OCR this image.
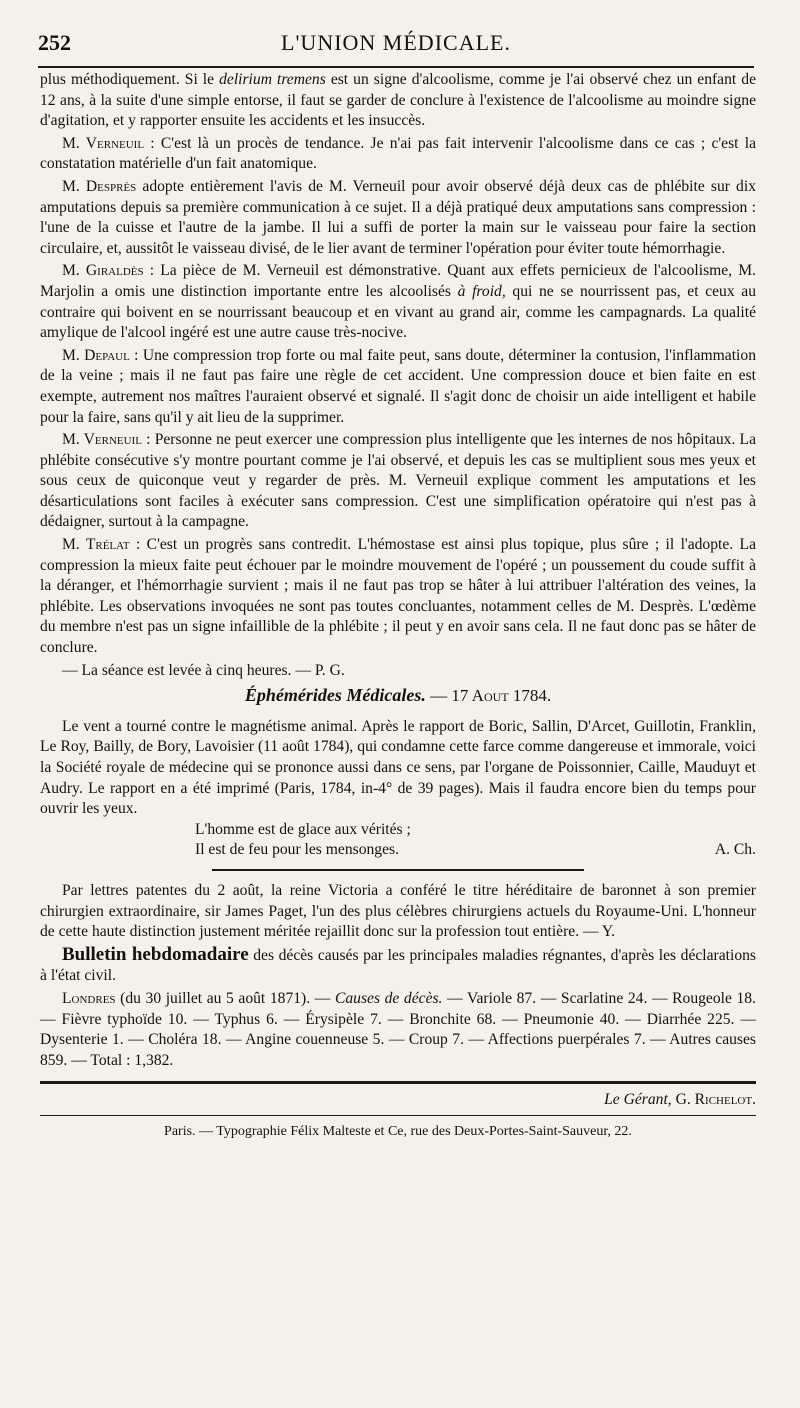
252	L'UNION MÉDICALE.

plus méthodiquement. Si le delirium tremens est un signe d'alcoolisme, comme je l'ai observé chez un enfant de 12 ans, à la suite d'une simple entorse, il faut se garder de conclure à l'existence de l'alcoolisme au moindre signe d'agitation, et y rapporter ensuite les accidents et les insuccès.

M. Verneuil : C'est là un procès de tendance. Je n'ai pas fait intervenir l'alcoolisme dans ce cas ; c'est la constatation matérielle d'un fait anatomique.

M. Desprès adopte entièrement l'avis de M. Verneuil pour avoir observé déjà deux cas de phlébite sur dix amputations depuis sa première communication à ce sujet. Il a déjà pratiqué deux amputations sans compression : l'une de la cuisse et l'autre de la jambe. Il lui a suffi de porter la main sur le vaisseau pour faire la section circulaire, et, aussitôt le vaisseau divisé, de le lier avant de terminer l'opération pour éviter toute hémorrhagie.

M. Giraldès : La pièce de M. Verneuil est démonstrative. Quant aux effets pernicieux de l'alcoolisme, M. Marjolin a omis une distinction importante entre les alcoolisés à froid, qui ne se nourrissent pas, et ceux au contraire qui boivent en se nourrissant beaucoup et en vivant au grand air, comme les campagnards. La qualité amylique de l'alcool ingéré est une autre cause très-nocive.

M. Depaul : Une compression trop forte ou mal faite peut, sans doute, déterminer la contusion, l'inflammation de la veine ; mais il ne faut pas faire une règle de cet accident. Une compression douce et bien faite en est exempte, autrement nos maîtres l'auraient observé et signalé. Il s'agit donc de choisir un aide intelligent et habile pour la faire, sans qu'il y ait lieu de la supprimer.

M. Verneuil : Personne ne peut exercer une compression plus intelligente que les internes de nos hôpitaux. La phlébite consécutive s'y montre pourtant comme je l'ai observé, et depuis les cas se multiplient sous mes yeux et sous ceux de quiconque veut y regarder de près. M. Verneuil explique comment les amputations et les désarticulations sont faciles à exécuter sans compression. C'est une simplification opératoire qui n'est pas à dédaigner, surtout à la campagne.

M. Trélat : C'est un progrès sans contredit. L'hémostase est ainsi plus topique, plus sûre ; il l'adopte. La compression la mieux faite peut échouer par le moindre mouvement de l'opéré ; un poussement du coude suffit à la déranger, et l'hémorrhagie survient ; mais il ne faut pas trop se hâter à lui attribuer l'altération des veines, la phlébite. Les observations invoquées ne sont pas toutes concluantes, notamment celles de M. Desprès. L'œdème du membre n'est pas un signe infaillible de la phlébite ; il peut y en avoir sans cela. Il ne faut donc pas se hâter de conclure.

— La séance est levée à cinq heures. — P. G.

Éphémérides Médicales. — 17 Aout 1784.

Le vent a tourné contre le magnétisme animal. Après le rapport de Boric, Sallin, D'Arcet, Guillotin, Franklin, Le Roy, Bailly, de Bory, Lavoisier (11 août 1784), qui condamne cette farce comme dangereuse et immorale, voici la Société royale de médecine qui se prononce aussi dans ce sens, par l'organe de Poissonnier, Caille, Mauduyt et Audry. Le rapport en a été imprimé (Paris, 1784, in-4° de 39 pages). Mais il faudra encore bien du temps pour ouvrir les yeux.

L'homme est de glace aux vérités ;

Il est de feu pour les mensonges.	A. Ch.

Par lettres patentes du 2 août, la reine Victoria a conféré le titre héréditaire de baronnet à son premier chirurgien extraordinaire, sir James Paget, l'un des plus célèbres chirurgiens actuels du Royaume-Uni. L'honneur de cette haute distinction justement méritée rejaillit donc sur la profession tout entière. — Y.

Bulletin hebdomadaire des décès causés par les principales maladies régnantes, d'après les déclarations à l'état civil.

Londres (du 30 juillet au 5 août 1871). — Causes de décès. — Variole 87. — Scarlatine 24. — Rougeole 18. — Fièvre typhoïde 10. — Typhus 6. — Érysipèle 7. — Bronchite 68. — Pneumonie 40. — Diarrhée 225. — Dysenterie 1. — Choléra 18. — Angine couenneuse 5. — Croup 7. — Affections puerpérales 7. — Autres causes 859. — Total : 1,382.

Le Gérant, G. Richelot.

Paris. — Typographie Félix Malteste et Ce, rue des Deux-Portes-Saint-Sauveur, 22.
